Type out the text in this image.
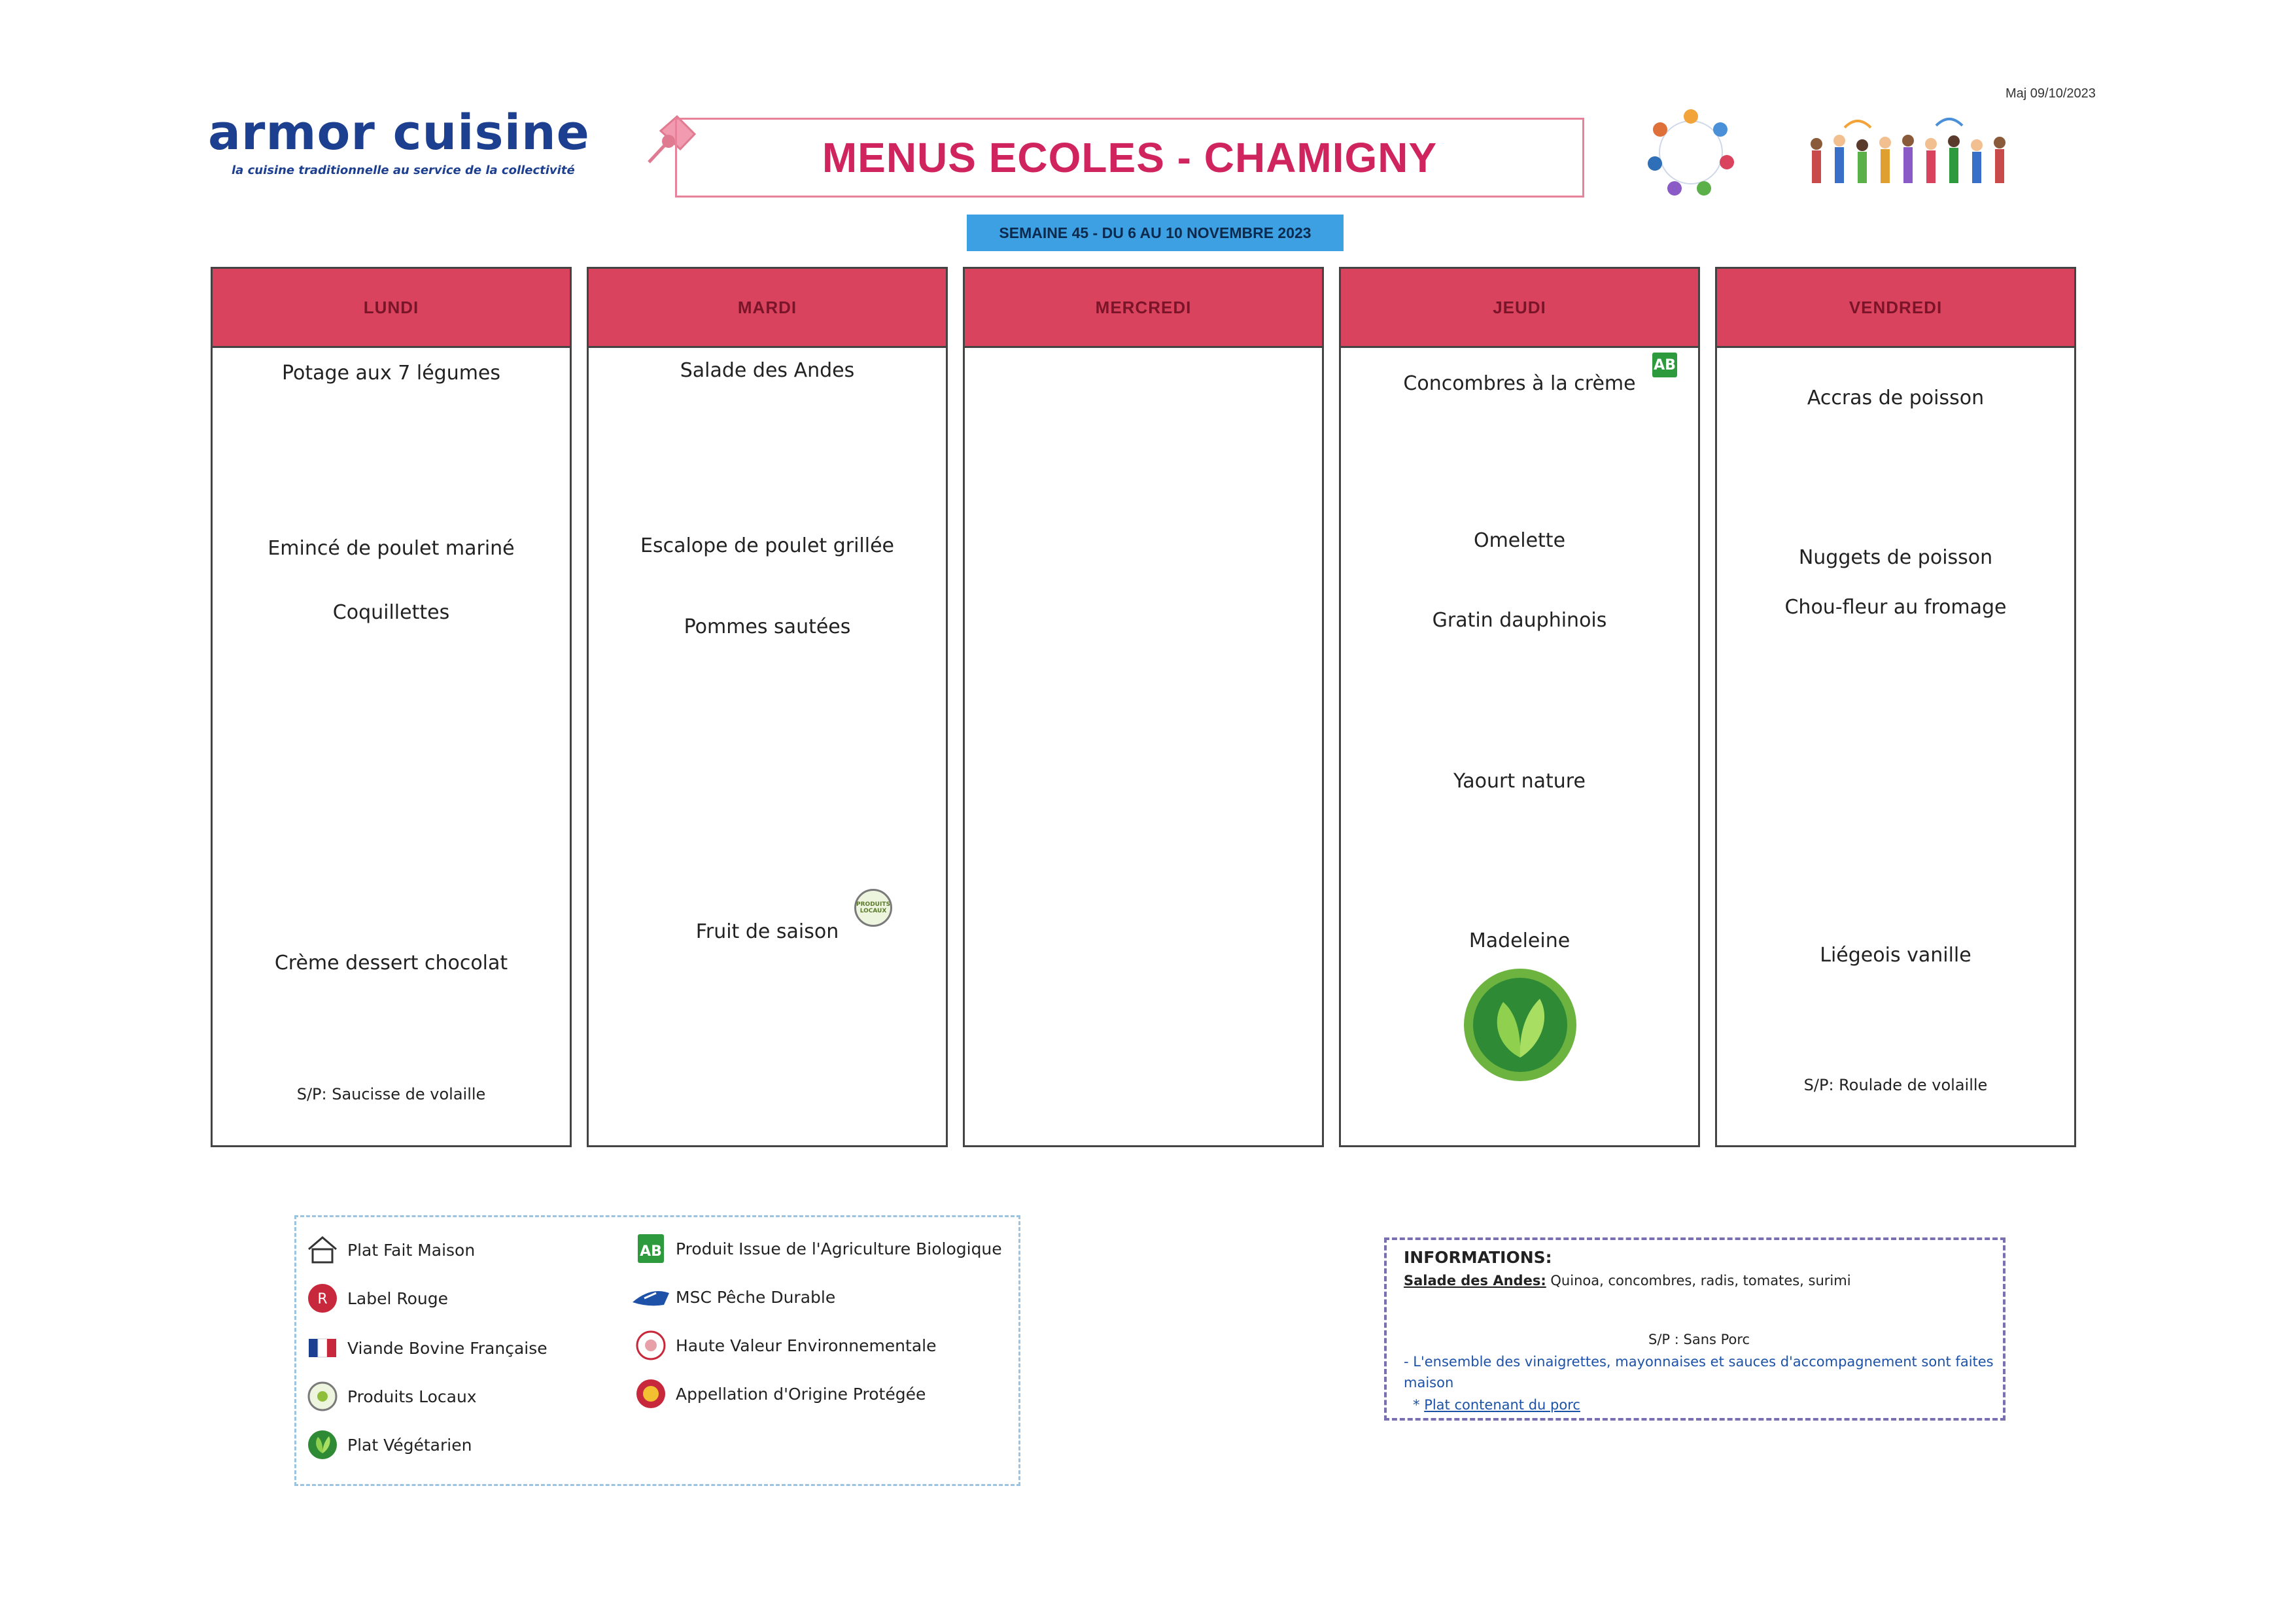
Maj 09/10/2023
armor cuisine
la cuisine traditionnelle au service de la collectivité	MENUS ECOLES - CHAMIGNY
SEMAINE 45 - DU 6 AU 10 NOVEMBRE 2023
LUNDI
Potage aux 7 légumes
Emincé de poulet mariné
Coquillettes
Crème dessert chocolat
S/P: Saucisse de volaille
MARDI
Salade des Andes
Escalope de poulet grillée
Pommes sautées
Fruit de saison
PRODUITS LOCAUX
MERCREDI	JEUDI
AB
Concombres à la crème
Omelette
Gratin dauphinois
Yaourt nature
Madeleine
VENDREDI
Accras de poisson
Nuggets de poisson
Chou-fleur au fromage
Liégeois vanille
S/P: Roulade de volaille
Plat Fait Maison
R Label Rouge
Viande Bovine Française
Produits Locaux
Plat Végétarien
AB Produit Issue de l'Agriculture Biologique
MSC Pêche Durable
Haute Valeur Environnementale
Appellation d'Origine Protégée
INFORMATIONS:
Salade des Andes: Quinoa, concombres, radis, tomates, surimi
S/P : Sans Porc
- L'ensemble des vinaigrettes, mayonnaises et sauces d'accompagnement sont faites
maison
* Plat contenant du porc
